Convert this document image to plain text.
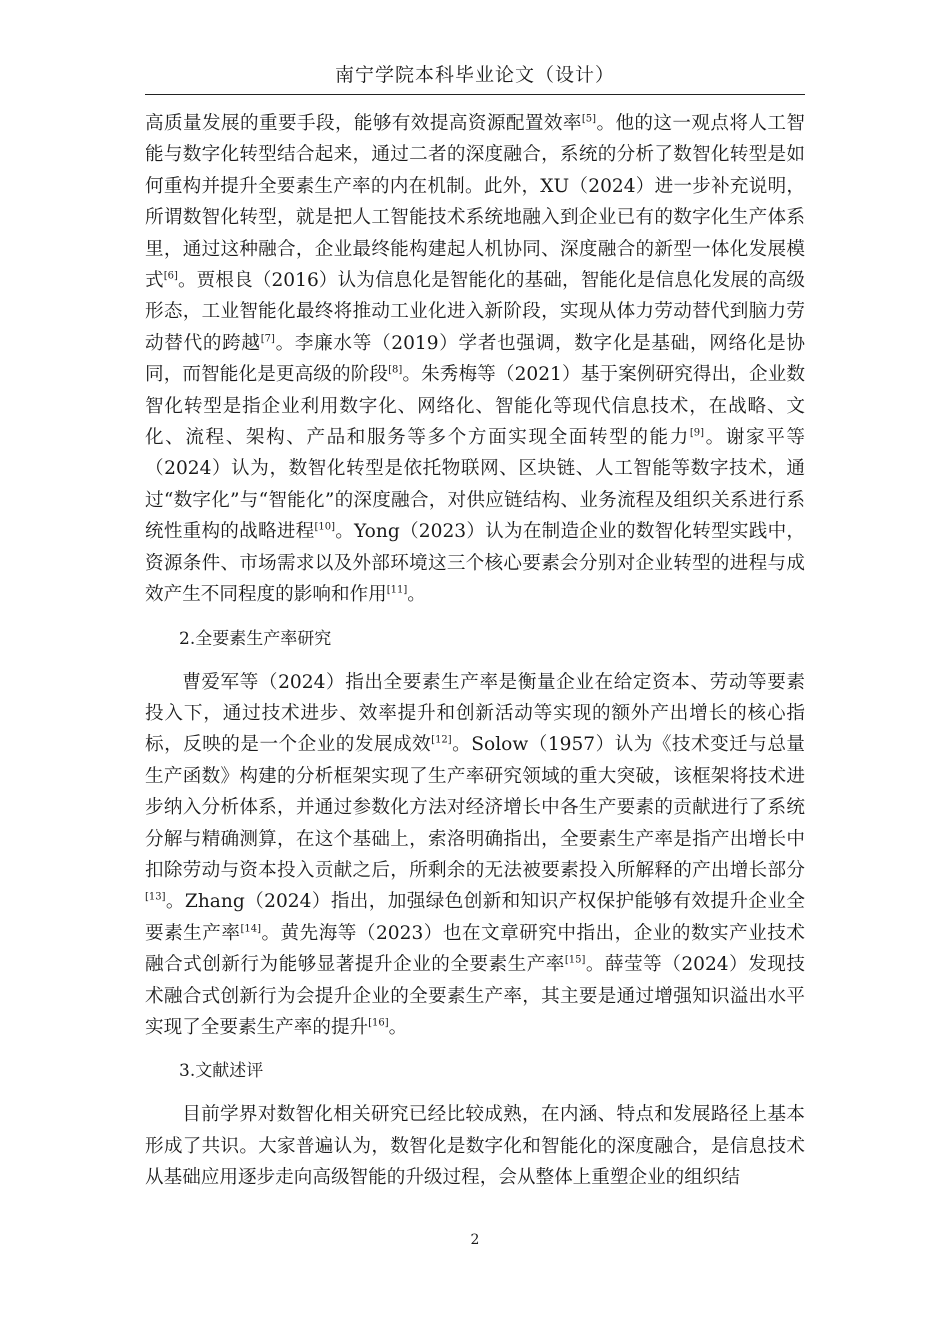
南宁学院本科毕业论文（设计）

高质量发展的重要手段，能够有效提高资源配置效率[5]。他的这一观点将人工智能与数字化转型结合起来，通过二者的深度融合，系统的分析了数智化转型是如何重构并提升全要素生产率的内在机制。此外，XU（2024）进一步补充说明，所谓数智化转型，就是把人工智能技术系统地融入到企业已有的数字化生产体系里，通过这种融合，企业最终能构建起人机协同、深度融合的新型一体化发展模式[6]。贾根良（2016）认为信息化是智能化的基础，智能化是信息化发展的高级形态，工业智能化最终将推动工业化进入新阶段，实现从体力劳动替代到脑力劳动替代的跨越[7]。李廉水等（2019）学者也强调，数字化是基础，网络化是协同，而智能化是更高级的阶段[8]。朱秀梅等（2021）基于案例研究得出，企业数智化转型是指企业利用数字化、网络化、智能化等现代信息技术，在战略、文化、流程、架构、产品和服务等多个方面实现全面转型的能力[9]。谢家平等（2024）认为，数智化转型是依托物联网、区块链、人工智能等数字技术，通过“数字化”与“智能化”的深度融合，对供应链结构、业务流程及组织关系进行系统性重构的战略进程[10]。Yong（2023）认为在制造企业的数智化转型实践中，资源条件、市场需求以及外部环境这三个核心要素会分别对企业转型的进程与成效产生不同程度的影响和作用[11]。

2.全要素生产率研究

曹爱军等（2024）指出全要素生产率是衡量企业在给定资本、劳动等要素投入下，通过技术进步、效率提升和创新活动等实现的额外产出增长的核心指标，反映的是一个企业的发展成效[12]。Solow（1957）认为《技术变迁与总量生产函数》构建的分析框架实现了生产率研究领域的重大突破，该框架将技术进步纳入分析体系，并通过参数化方法对经济增长中各生产要素的贡献进行了系统分解与精确测算，在这个基础上，索洛明确指出，全要素生产率是指产出增长中扣除劳动与资本投入贡献之后，所剩余的无法被要素投入所解释的产出增长部分[13]。Zhang（2024）指出，加强绿色创新和知识产权保护能够有效提升企业全要素生产率[14]。黄先海等（2023）也在文章研究中指出，企业的数实产业技术融合式创新行为能够显著提升企业的全要素生产率[15]。薛莹等（2024）发现技术融合式创新行为会提升企业的全要素生产率，其主要是通过增强知识溢出水平实现了全要素生产率的提升[16]。

3.文献述评

目前学界对数智化相关研究已经比较成熟，在内涵、特点和发展路径上基本形成了共识。大家普遍认为，数智化是数字化和智能化的深度融合，是信息技术从基础应用逐步走向高级智能的升级过程，会从整体上重塑企业的组织结

2
